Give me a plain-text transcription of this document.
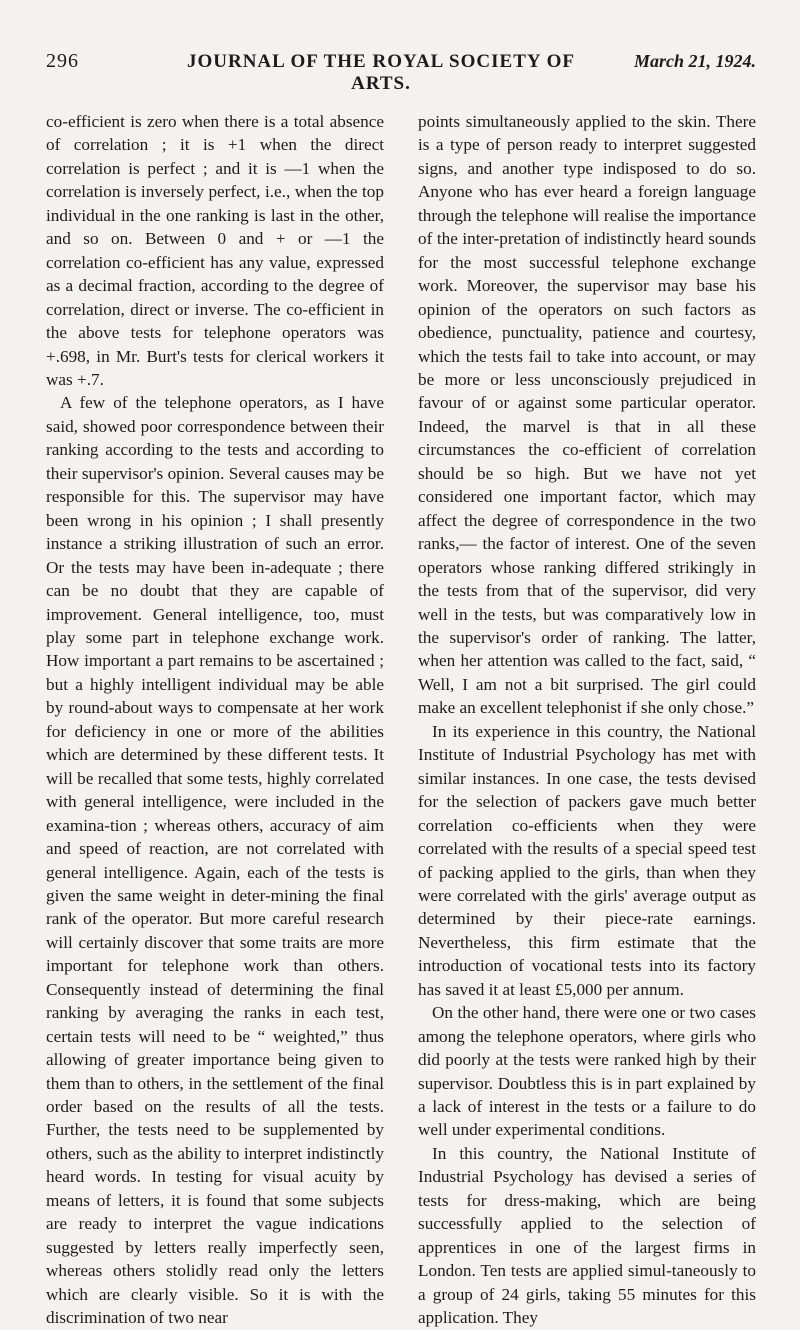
296	JOURNAL OF THE ROYAL SOCIETY OF ARTS.
March 21, 1924.

co-efficient is zero when there is a total absence of correlation ; it is +1 when the direct correlation is perfect ; and it is —1 when the correlation is inversely perfect, i.e., when the top individual in the one ranking is last in the other, and so on. Between 0 and + or —1 the correlation co-efficient has any value, expressed as a decimal fraction, according to the degree of correlation, direct or inverse. The co-efficient in the above tests for telephone operators was +.698, in Mr. Burt's tests for clerical workers it was +.7.

A few of the telephone operators, as I have said, showed poor correspondence between their ranking according to the tests and according to their supervisor's opinion. Several causes may be responsible for this. The supervisor may have been wrong in his opinion ; I shall presently instance a striking illustration of such an error. Or the tests may have been in-adequate ; there can be no doubt that they are capable of improvement. General intelligence, too, must play some part in telephone exchange work. How important a part remains to be ascertained ; but a highly intelligent individual may be able by round-about ways to compensate at her work for deficiency in one or more of the abilities which are determined by these different tests. It will be recalled that some tests, highly correlated with general intelligence, were included in the examina-tion ; whereas others, accuracy of aim and speed of reaction, are not correlated with general intelligence. Again, each of the tests is given the same weight in deter-mining the final rank of the operator. But more careful research will certainly discover that some traits are more important for telephone work than others. Consequently instead of determining the final ranking by averaging the ranks in each test, certain tests will need to be “ weighted,” thus allowing of greater importance being given to them than to others, in the settlement of the final order based on the results of all the tests. Further, the tests need to be supplemented by others, such as the ability to interpret indistinctly heard words. In testing for visual acuity by means of letters, it is found that some subjects are ready to interpret the vague indications suggested by letters really imperfectly seen, whereas others stolidly read only the letters which are clearly visible. So it is with the discrimination of two near

points simultaneously applied to the skin. There is a type of person ready to interpret suggested signs, and another type indisposed to do so. Anyone who has ever heard a foreign language through the telephone will realise the importance of the inter-pretation of indistinctly heard sounds for the most successful telephone exchange work. Moreover, the supervisor may base his opinion of the operators on such factors as obedience, punctuality, patience and courtesy, which the tests fail to take into account, or may be more or less unconsciously prejudiced in favour of or against some particular operator. Indeed, the marvel is that in all these circumstances the co-efficient of correlation should be so high. But we have not yet considered one important factor, which may affect the degree of correspondence in the two ranks,— the factor of interest. One of the seven operators whose ranking differed strikingly in the tests from that of the supervisor, did very well in the tests, but was comparatively low in the supervisor's order of ranking. The latter, when her attention was called to the fact, said, “ Well, I am not a bit surprised. The girl could make an excellent telephonist if she only chose.”

In its experience in this country, the National Institute of Industrial Psychology has met with similar instances. In one case, the tests devised for the selection of packers gave much better correlation co-efficients when they were correlated with the results of a special speed test of packing applied to the girls, than when they were correlated with the girls' average output as determined by their piece-rate earnings. Nevertheless, this firm estimate that the introduction of vocational tests into its factory has saved it at least £5,000 per annum.

On the other hand, there were one or two cases among the telephone operators, where girls who did poorly at the tests were ranked high by their supervisor. Doubtless this is in part explained by a lack of interest in the tests or a failure to do well under experimental conditions.

In this country, the National Institute of Industrial Psychology has devised a series of tests for dress-making, which are being successfully applied to the selection of apprentices in one of the largest firms in London. Ten tests are applied simul-taneously to a group of 24 girls, taking 55 minutes for this application. They
